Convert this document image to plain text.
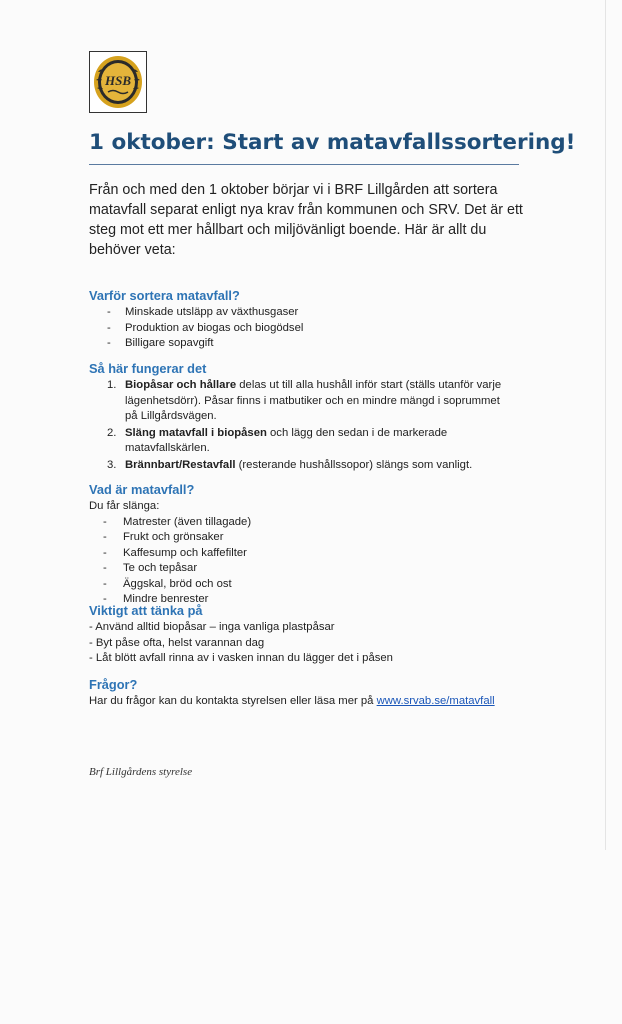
HSB
1 oktober: Start av matavfallssortering!

Från och med den 1 oktober börjar vi i BRF Lillgården att sortera matavfall separat enligt nya krav från kommunen och SRV. Det är ett steg mot ett mer hållbart och miljövänligt boende. Här är allt du behöver veta:

Varför sortera matavfall?

-	Minskade utsläpp av växthusgaser
-	Produktion av biogas och biogödsel
-	Billigare sopavgift

Så här fungerar det

1. Biopåsar och hållare delas ut till alla hushåll inför start (ställs utanför varje lägenhetsdörr). Påsar finns i matbutiker och en mindre mängd i soprummet på Lillgårdsvägen.
2. Släng matavfall i biopåsen och lägg den sedan i de markerade matavfallskärlen.
3. Brännbart/Restavfall (resterande hushållssopor) slängs som vanligt.

Vad är matavfall?

Du får slänga:

-	Matrester (även tillagade)
-	Frukt och grönsaker
-	Kaffesump och kaffefilter
-	Te och tepåsar
-	Äggskal, bröd och ost
-	Mindre benrester

Viktigt att tänka på

- Använd alltid biopåsar – inga vanliga plastpåsar

- Byt påse ofta, helst varannan dag

- Låt blött avfall rinna av i vasken innan du lägger det i påsen

Frågor?

Har du frågor kan du kontakta styrelsen eller läsa mer på www.srvab.se/matavfall

Brf Lillgårdens styrelse
